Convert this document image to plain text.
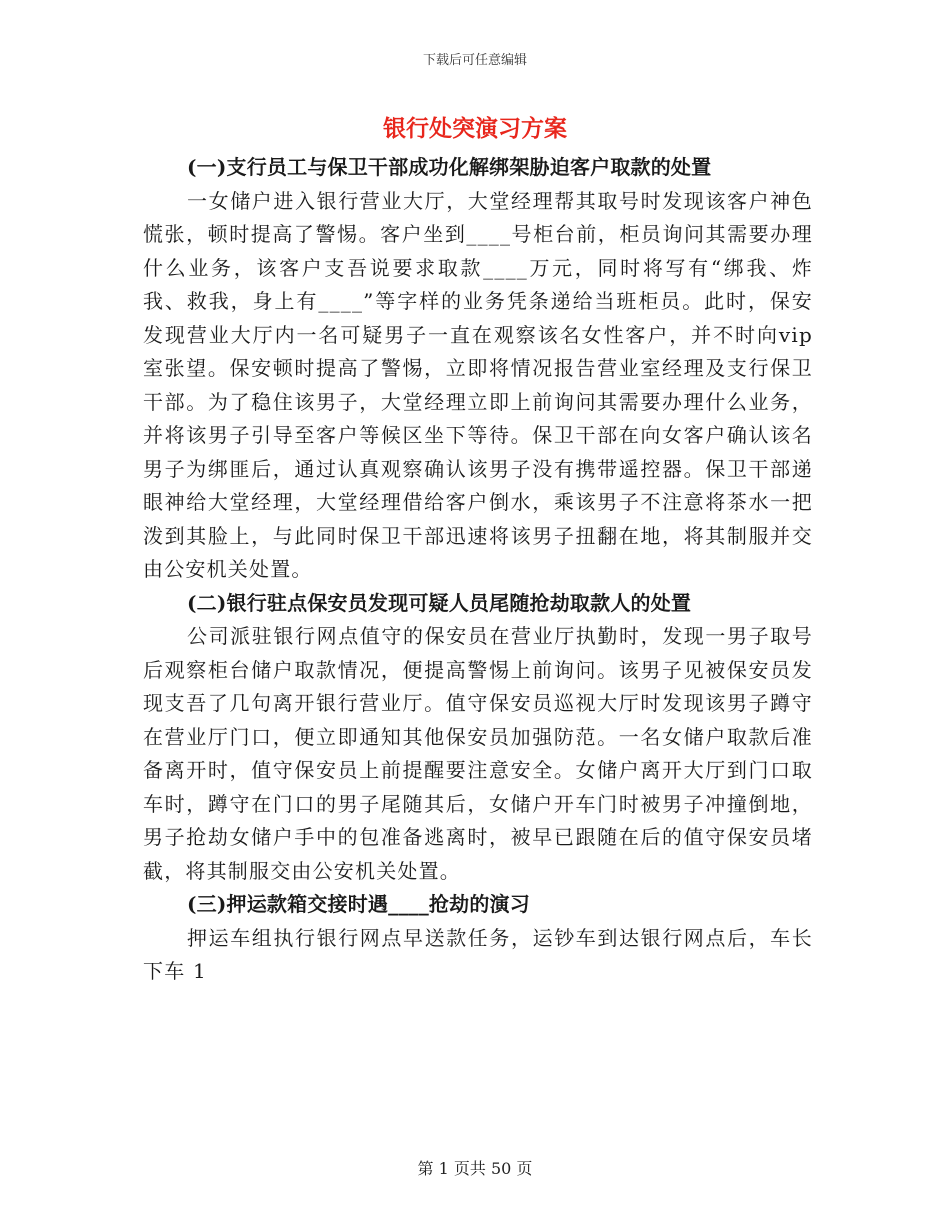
下载后可任意编辑
银行处突演习方案

(一)支行员工与保卫干部成功化解绑架胁迫客户取款的处置

一女储户进入银行营业大厅，大堂经理帮其取号时发现该客户神色慌张，顿时提高了警惕。客户坐到____号柜台前，柜员询问其需要办理什么业务，该客户支吾说要求取款____万元，同时将写有“绑我、炸我、救我，身上有____”等字样的业务凭条递给当班柜员。此时，保安发现营业大厅内一名可疑男子一直在观察该名女性客户，并不时向vip室张望。保安顿时提高了警惕，立即将情况报告营业室经理及支行保卫干部。为了稳住该男子，大堂经理立即上前询问其需要办理什么业务，并将该男子引导至客户等候区坐下等待。保卫干部在向女客户确认该名男子为绑匪后，通过认真观察确认该男子没有携带遥控器。保卫干部递眼神给大堂经理，大堂经理借给客户倒水，乘该男子不注意将茶水一把泼到其脸上，与此同时保卫干部迅速将该男子扭翻在地，将其制服并交由公安机关处置。

(二)银行驻点保安员发现可疑人员尾随抢劫取款人的处置

公司派驻银行网点值守的保安员在营业厅执勤时，发现一男子取号后观察柜台储户取款情况，便提高警惕上前询问。该男子见被保安员发现支吾了几句离开银行营业厅。值守保安员巡视大厅时发现该男子蹲守在营业厅门口，便立即通知其他保安员加强防范。一名女储户取款后准备离开时，值守保安员上前提醒要注意安全。女储户离开大厅到门口取车时，蹲守在门口的男子尾随其后，女储户开车门时被男子冲撞倒地，男子抢劫女储户手中的包准备逃离时，被早已跟随在后的值守保安员堵截，将其制服交由公安机关处置。

(三)押运款箱交接时遇____抢劫的演习

押运车组执行银行网点早送款任务，运钞车到达银行网点后，车长下车 1

第 1 页共 50 页
